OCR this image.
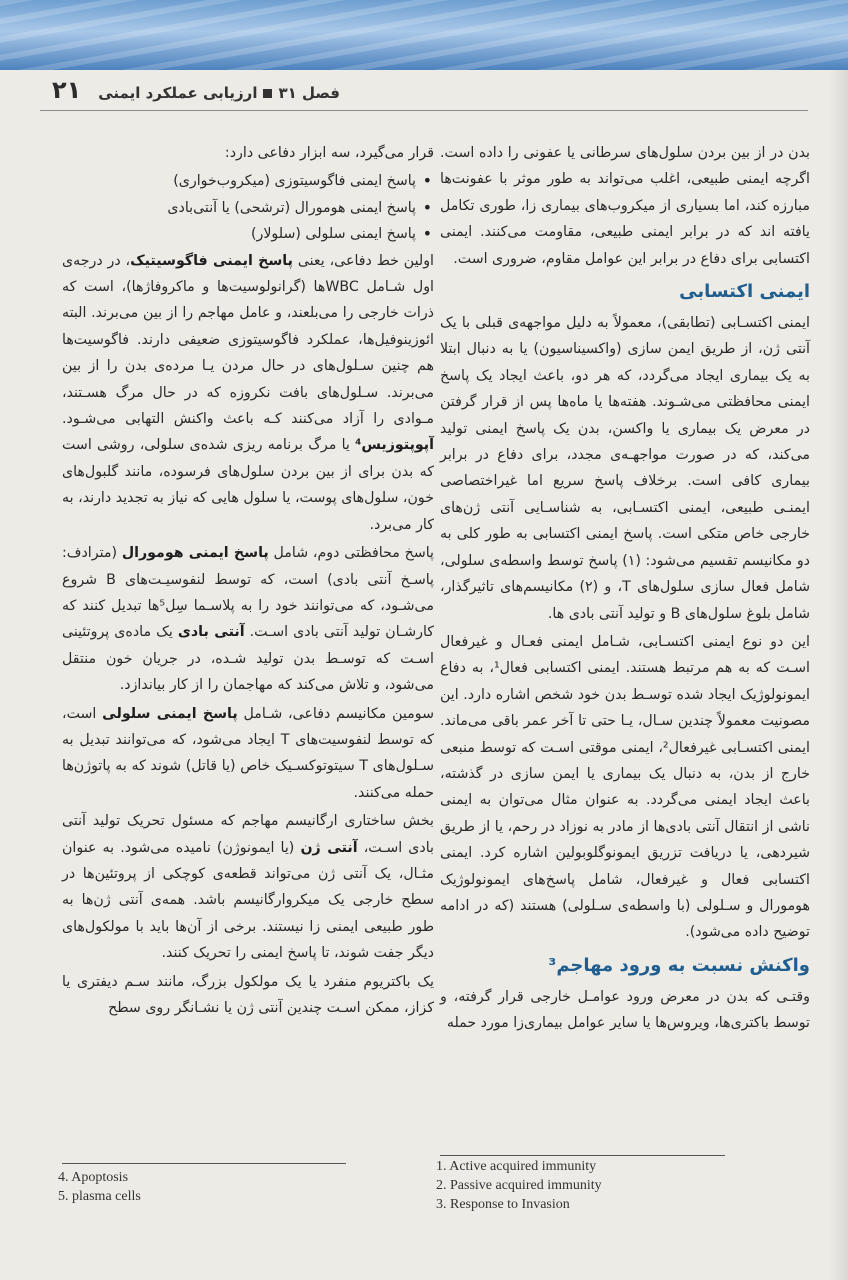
۲۱	فصل ۳۱ارزیابی عملکرد ایمنی

بدن در از بین بردن سلول‌های سرطانی یا عفونی را داده است. اگرچه ایمنی طبیعی، اغلب می‌تواند به طور موثر با عفونت‌ها مبارزه کند، اما بسیاری از میکروب‌های بیماری زا، طوری تکامل یافته اند که در برابر ایمنی طبیعی، مقاومت می‌کنند. ایمنی اکتسابی برای دفاع در برابر این عوامل مقاوم، ضروری است.

ایمنی اکتسابی

ایمنی اکتسـابی (تطابقی)، معمولاً به دلیل مواجهه‌ی قبلی با یک آنتی ژن، از طریق ایمن سازی (واکسیناسیون) یا به دنبال ابتلا به یک بیماری ایجاد می‌گردد، که هر دو، باعث ایجاد یک پاسخ ایمنی محافظتی می‌شـوند. هفته‌ها یا ماه‌ها پس از قرار گرفتن در معرض یک بیماری یا واکسن، بدن یک پاسخ ایمنی تولید می‌کند، که در صورت مواجهـه‌ی مجدد، برای دفاع در برابر بیماری کافی است. برخلاف پاسخ سریع اما غیراختصاصی ایمنـی طبیعی، ایمنی اکتسـابی، به شناسـایی آنتی ژن‌های خارجی خاص متکی است. پاسخ ایمنی اکتسابی به طور کلی به دو مکانیسم تقسیم می‌شود: (۱) پاسخ توسط واسطه‌ی سلولی، شامل فعال سازی سلول‌های T، و (۲) مکانیسم‌های تاثیرگذار، شامل بلوغ سلول‌های B و تولید آنتی بادی ها.

این دو نوع ایمنی اکتسـابی، شـامل ایمنی فعـال و غیرفعال اسـت که به هم مرتبط هستند. ایمنی اکتسابی فعال¹، به دفاع ایمونولوژیک ایجاد شده توسـط بدن خود شخص اشاره دارد. این مصونیت معمولاً چندین سـال، یـا حتی تا آخر عمر باقی می‌ماند. ایمنی اکتسـابی غیرفعال²، ایمنی موقتی اسـت که توسط منبعی خارج از بدن، به دنبال یک بیماری یا ایمن سازی در گذشته، باعث ایجاد ایمنی می‌گردد. به عنوان مثال می‌توان به ایمنی ناشی از انتقال آنتی بادی‌ها از مادر به نوزاد در رحم، یا از طریق شیردهی، یا دریافت تزریق ایمونوگلوبولین اشاره کرد. ایمنی اکتسابی فعال و غیرفعال، شامل پاسخ‌های ایمونولوژیک هومورال و سـلولی (با واسطه‌ی سـلولی) هستند (که در ادامه توضیح داده می‌شود).

واکنش نسبت به ورود مهاجم³

وقتـی که بدن در معرض ورود عوامـل خارجی قرار گرفته، و توسط باکتری‌ها، ویروس‌ها یا سایر عوامل بیماری‌زا مورد حمله

قرار می‌گیرد، سه ابزار دفاعی دارد:

• پاسخ ایمنی فاگوسیتوزی (میکروب‌خواری)
• پاسخ ایمنی هومورال (ترشحی) یا آنتی‌بادی
• پاسخ ایمنی سلولی (سلولار)

اولین خط دفاعی، یعنی پاسخ ایمنی فاگوسیتیک، در درجه‌ی اول شـامل WBCها (گرانولوسیت‌ها و ماکروفاژها)، است که ذرات خارجی را می‌بلعند، و عامل مهاجم را از بین می‌برند. البته ائوزینوفیل‌ها، عملکرد فاگوسیتوزی ضعیفی دارند. فاگوسیت‌ها هم چنین سـلول‌های در حال مردن یـا مرده‌ی بدن را از بین می‌برند. سـلول‌های بافت نکروزه که در حال مرگ هسـتند، مـوادی را آزاد می‌کنند کـه باعث واکنش التهابی می‌شـود. آپوپتوزیس⁴ یا مرگ برنامه ریزی شده‌ی سلولی، روشی است که بدن برای از بین بردن سلول‌های فرسوده، مانند گلبول‌های خون، سلول‌های پوست، یا سلول هایی که نیاز به تجدید دارند، به کار می‌برد.

پاسخ محافظتی دوم، شامل پاسخ ایمنی هومورال (مترادف: پاسـخ آنتی بادی) است، که توسط لنفوسیـت‌های B شروع می‌شـود، که می‌توانند خود را به پلاسـما سِل⁵ها تبدیل کنند که کارشـان تولید آنتی بادی اسـت. آنتی بادی یک ماده‌ی پروتئینی اسـت که توسـط بدن تولید شـده، در جریان خون منتقل می‌شود، و تلاش می‌کند که مهاجمان را از کار بیاندازد.

سومین مکانیسم دفاعی، شـامل پاسخ ایمنی سلولی است، که توسط لنفوسیت‌های T ایجاد می‌شود، که می‌توانند تبدیل به سـلول‌های T سیتوتوکسـیک خاص (یا قاتل) شوند که به پاتوژن‌ها حمله می‌کنند.

بخش ساختاری ارگانیسم مهاجم که مسئول تحریک تولید آنتی بادی اسـت، آنتی ژن (یا ایمونوژن) نامیده می‌شود. به عنوان مثـال، یک آنتی ژن می‌تواند قطعه‌ی کوچکی از پروتئین‌ها در سطح خارجی یک میکروارگانیسم باشد. همه‌ی آنتی ژن‌ها به طور طبیعی ایمنی زا نیستند. برخی از آن‌ها باید با مولکول‌های دیگر جفت شوند، تا پاسخ ایمنی را تحریک کنند.

یک باکتریوم منفرد یا یک مولکول بزرگ، مانند سـم دیفتری یا کزاز، ممکن اسـت چندین آنتی ژن یا نشـانگر روی سطح

4. Apoptosis
5. plasma cells
1. Active acquired immunity
2. Passive acquired immunity
3. Response to Invasion
